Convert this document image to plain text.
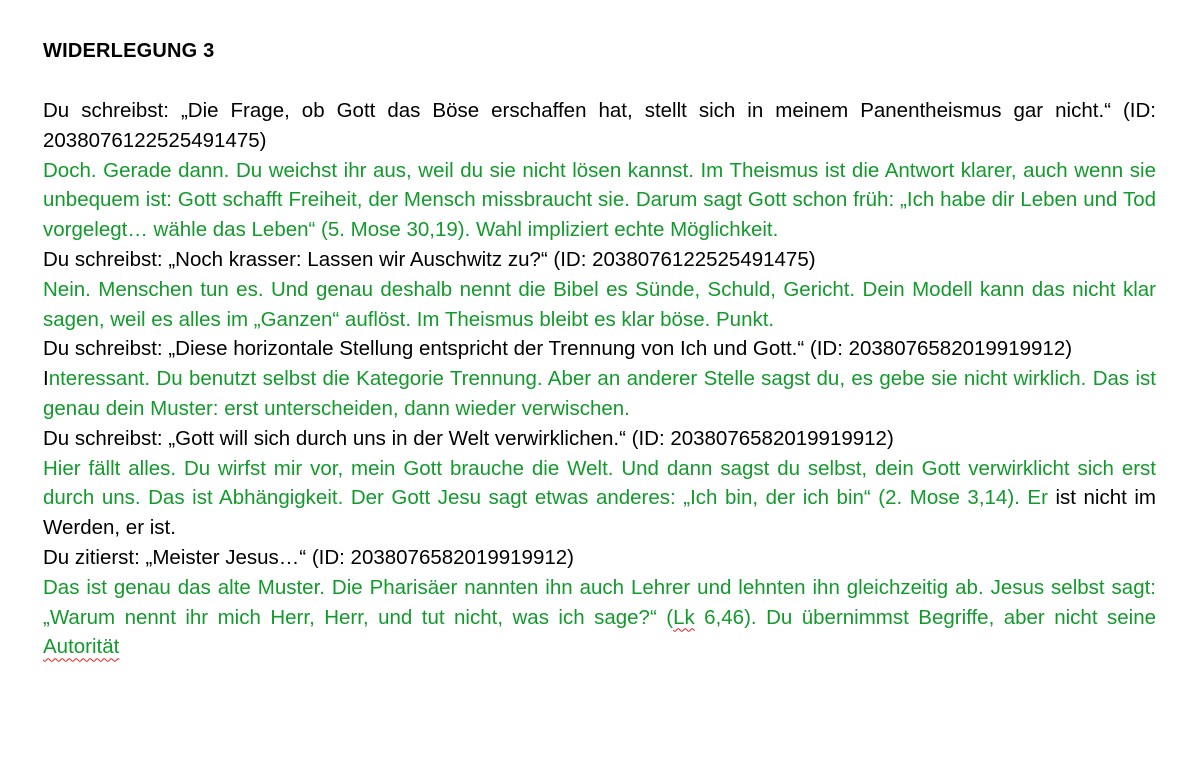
WIDERLEGUNG 3

Du schreibst: „Die Frage, ob Gott das Böse erschaffen hat, stellt sich in meinem Panentheismus gar nicht.“ (ID: 2038076122525491475)

Doch. Gerade dann. Du weichst ihr aus, weil du sie nicht lösen kannst. Im Theismus ist die Antwort klarer, auch wenn sie unbequem ist: Gott schafft Freiheit, der Mensch missbraucht sie. Darum sagt Gott schon früh: „Ich habe dir Leben und Tod vorgelegt… wähle das Leben“ (5. Mose 30,19). Wahl impliziert echte Möglichkeit.

Du schreibst: „Noch krasser: Lassen wir Auschwitz zu?“ (ID: 2038076122525491475)

Nein. Menschen tun es. Und genau deshalb nennt die Bibel es Sünde, Schuld, Gericht. Dein Modell kann das nicht klar sagen, weil es alles im „Ganzen“ auflöst. Im Theismus bleibt es klar böse. Punkt.

Du schreibst: „Diese horizontale Stellung entspricht der Trennung von Ich und Gott.“ (ID: 2038076582019919912)

Interessant. Du benutzt selbst die Kategorie Trennung. Aber an anderer Stelle sagst du, es gebe sie nicht wirklich. Das ist genau dein Muster: erst unterscheiden, dann wieder verwischen.

Du schreibst: „Gott will sich durch uns in der Welt verwirklichen.“ (ID: 2038076582019919912)

Hier fällt alles. Du wirfst mir vor, mein Gott brauche die Welt. Und dann sagst du selbst, dein Gott verwirklicht sich erst durch uns. Das ist Abhängigkeit. Der Gott Jesu sagt etwas anderes: „Ich bin, der ich bin“ (2. Mose 3,14). Er ist nicht im Werden, er ist.

Du zitierst: „Meister Jesus…“ (ID: 2038076582019919912)

Das ist genau das alte Muster. Die Pharisäer nannten ihn auch Lehrer und lehnten ihn gleichzeitig ab. Jesus selbst sagt: „Warum nennt ihr mich Herr, Herr, und tut nicht, was ich sage?“ (Lk 6,46). Du übernimmst Begriffe, aber nicht seine Autorität
